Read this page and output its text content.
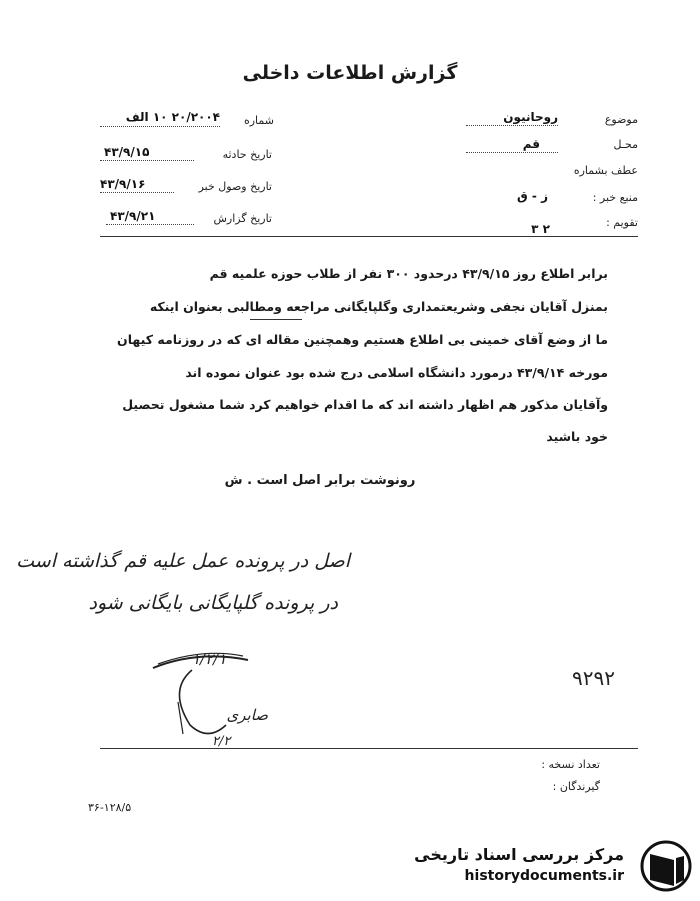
گزارش اطلاعات داخلی
موضوع
روحانیون
محـل
قم
عطف بشماره
منبع خبر :
ز - ق
تقویم :
۲ ۳
شماره
۲۰/۲۰۰۴ ۱۰ الف
تاریخ حادثه
۴۳/۹/۱۵
تاریخ وصول خبر
۴۳/۹/۱۶
تاریخ گزارش
۴۳/۹/۲۱
برابر اطلاع روز ۴۳/۹/۱۵ درحدود ۳۰۰ نفر از طلاب حوزه علمیه قم
بمنزل آقایان نجفی وشریعتمداری وگلپایگانی مراجعه ومطالبی بعنوان اینکه
ما از وضع آقای خمینی بی اطلاع هستیم وهمچنین مقاله ای که در روزنامه کیهان
مورخه ۴۳/۹/۱۴ درمورد دانشگاه اسلامی درج شده بود عنوان نموده اند
وآقایان مذکور هم اظهار داشته اند که ما اقدام خواهیم کرد شما مشغول تحصیل
خود باشید
رونوشت برابر اصل است . ش
اصل در پرونده عمل علیه قم گذاشته است
در پرونده گلپایگانی بایگانی شود
۱/۲/۱
صابری
۲/۲
۹۲۹۲
تعداد نسخه :
گیرندگان :
۳۶-۱۲۸/۵
مرکز بررسی اسناد تاریخی
historydocuments.ir
